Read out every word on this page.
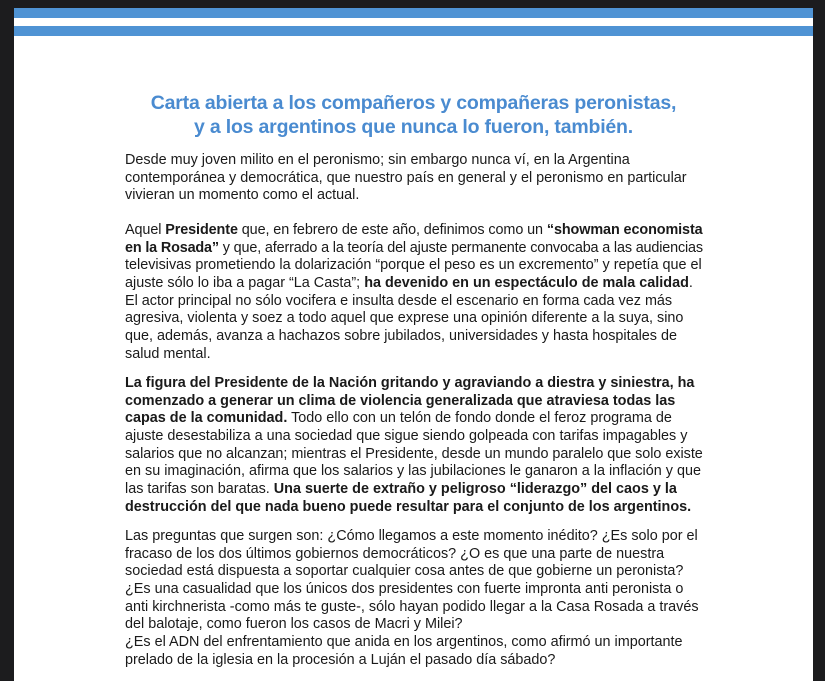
Carta abierta a los compañeros y compañeras peronistas,
y a los argentinos que nunca lo fueron, también.
Desde muy joven milito en el peronismo; sin embargo nunca ví, en la Argentina
contemporánea y democrática, que nuestro país en general y el peronismo en particular
vivieran un momento como el actual.
Aquel Presidente que, en febrero de este año, definimos como un “showman economista
en la Rosada” y que, aferrado a la teoría del ajuste permanente convocaba a las audiencias
televisivas prometiendo la dolarización “porque el peso es un excremento” y repetía que el
ajuste sólo lo iba a pagar “La Casta”; ha devenido en un espectáculo de mala calidad.
El actor principal no sólo vocifera e insulta desde el escenario en forma cada vez más
agresiva, violenta y soez a todo aquel que exprese una opinión diferente a la suya, sino
que, además, avanza a hachazos sobre jubilados, universidades y hasta hospitales de
salud mental.
La figura del Presidente de la Nación gritando y agraviando a diestra y siniestra, ha
comenzado a generar un clima de violencia generalizada que atraviesa todas las
capas de la comunidad. Todo ello con un telón de fondo donde el feroz programa de
ajuste desestabiliza a una sociedad que sigue siendo golpeada con tarifas impagables y
salarios que no alcanzan; mientras el Presidente, desde un mundo paralelo que solo existe
en su imaginación, afirma que los salarios y las jubilaciones le ganaron a la inflación y que
las tarifas son baratas. Una suerte de extraño y peligroso “liderazgo” del caos y la
destrucción del que nada bueno puede resultar para el conjunto de los argentinos.
Las preguntas que surgen son: ¿Cómo llegamos a este momento inédito? ¿Es solo por el
fracaso de los dos últimos gobiernos democráticos? ¿O es que una parte de nuestra
sociedad está dispuesta a soportar cualquier cosa antes de que gobierne un peronista?
¿Es una casualidad que los únicos dos presidentes con fuerte impronta anti peronista o
anti kirchnerista -como más te guste-, sólo hayan podido llegar a la Casa Rosada a través
del balotaje, como fueron los casos de Macri y Milei?
¿Es el ADN del enfrentamiento que anida en los argentinos, como afirmó un importante
prelado de la iglesia en la procesión a Luján el pasado día sábado?
